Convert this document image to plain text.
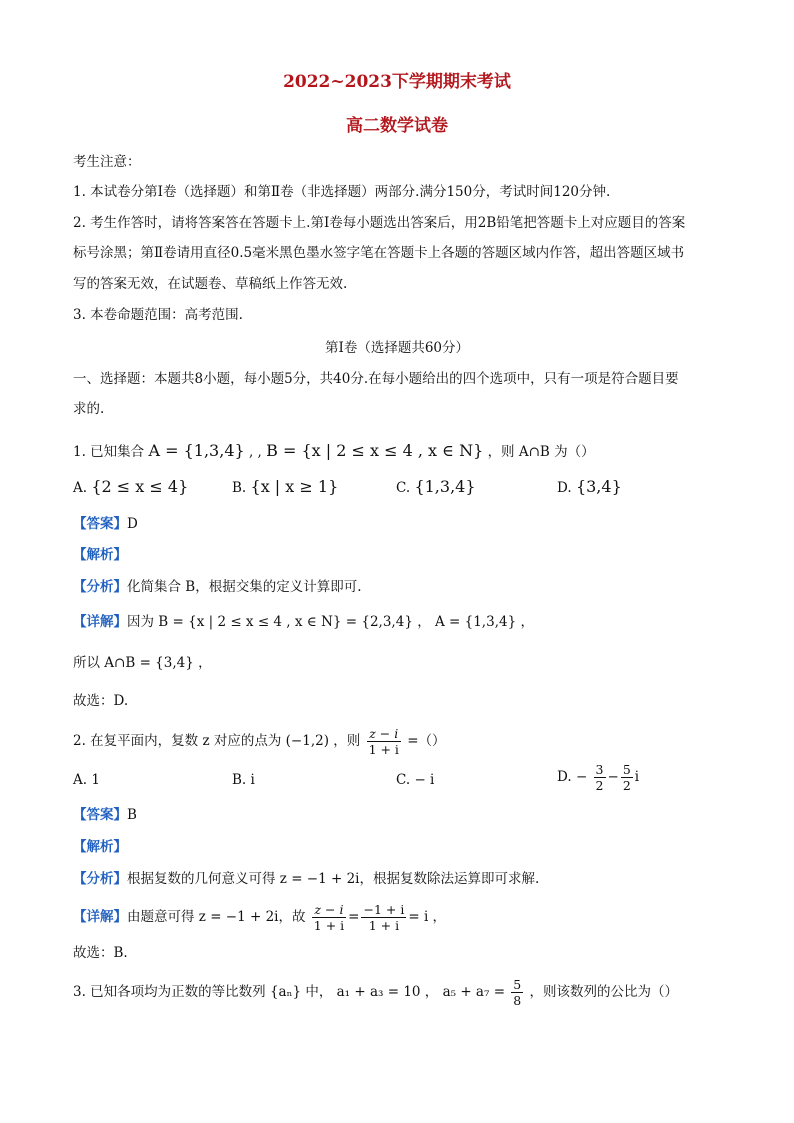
2022~2023下学期期末考试
高二数学试卷
考生注意：
1. 本试卷分第Ⅰ卷（选择题）和第Ⅱ卷（非选择题）两部分.满分150分，考试时间120分钟.
2. 考生作答时，请将答案答在答题卡上.第Ⅰ卷每小题选出答案后，用2B铅笔把答题卡上对应题目的答案
标号涂黑；第Ⅱ卷请用直径0.5毫米黑色墨水签字笔在答题卡上各题的答题区域内作答，超出答题区域书
写的答案无效，在试题卷、草稿纸上作答无效.
3. 本卷命题范围：高考范围.
第Ⅰ卷（选择题共60分）
一、选择题：本题共8小题，每小题5分，共40分.在每小题给出的四个选项中，只有一项是符合题目要
求的.
1. 已知集合 A = {1,3,4} , , B = {x | 2 ≤ x ≤ 4 , x ∈ N} ，则 A∩B 为（）
A. {2 ≤ x ≤ 4}	B. {x | x ≥ 1}	C. {1,3,4}	D. {3,4}
【答案】D
【解析】
【分析】化简集合 B，根据交集的定义计算即可.
【详解】因为 B = {x | 2 ≤ x ≤ 4 , x ∈ N} = {2,3,4} ， A = {1,3,4} ，
所以 A∩B = {3,4} ，
故选：D.
2. 在复平面内，复数 z 对应的点为 (−1,2) ，则 $\frac{z - i}{1 + i}$ =（）
A. 1	B. i	C. − i	D. − $\frac{3}{2} - \frac{5}{2}$ i
【答案】B
【解析】
【分析】根据复数的几何意义可得 z = −1 + 2i，根据复数除法运算即可求解.
【详解】由题意可得 z = −1 + 2i，故 $\frac{z - i}{1 + i} = \frac{-1 + i}{1 + i} = i$ ，
故选：B.
3. 已知各项均为正数的等比数列 {aₙ} 中， a₁ + a₃ = 10 ， $a_5 + a_7 = \frac{5}{8}$ ，则该数列的公比为（）
